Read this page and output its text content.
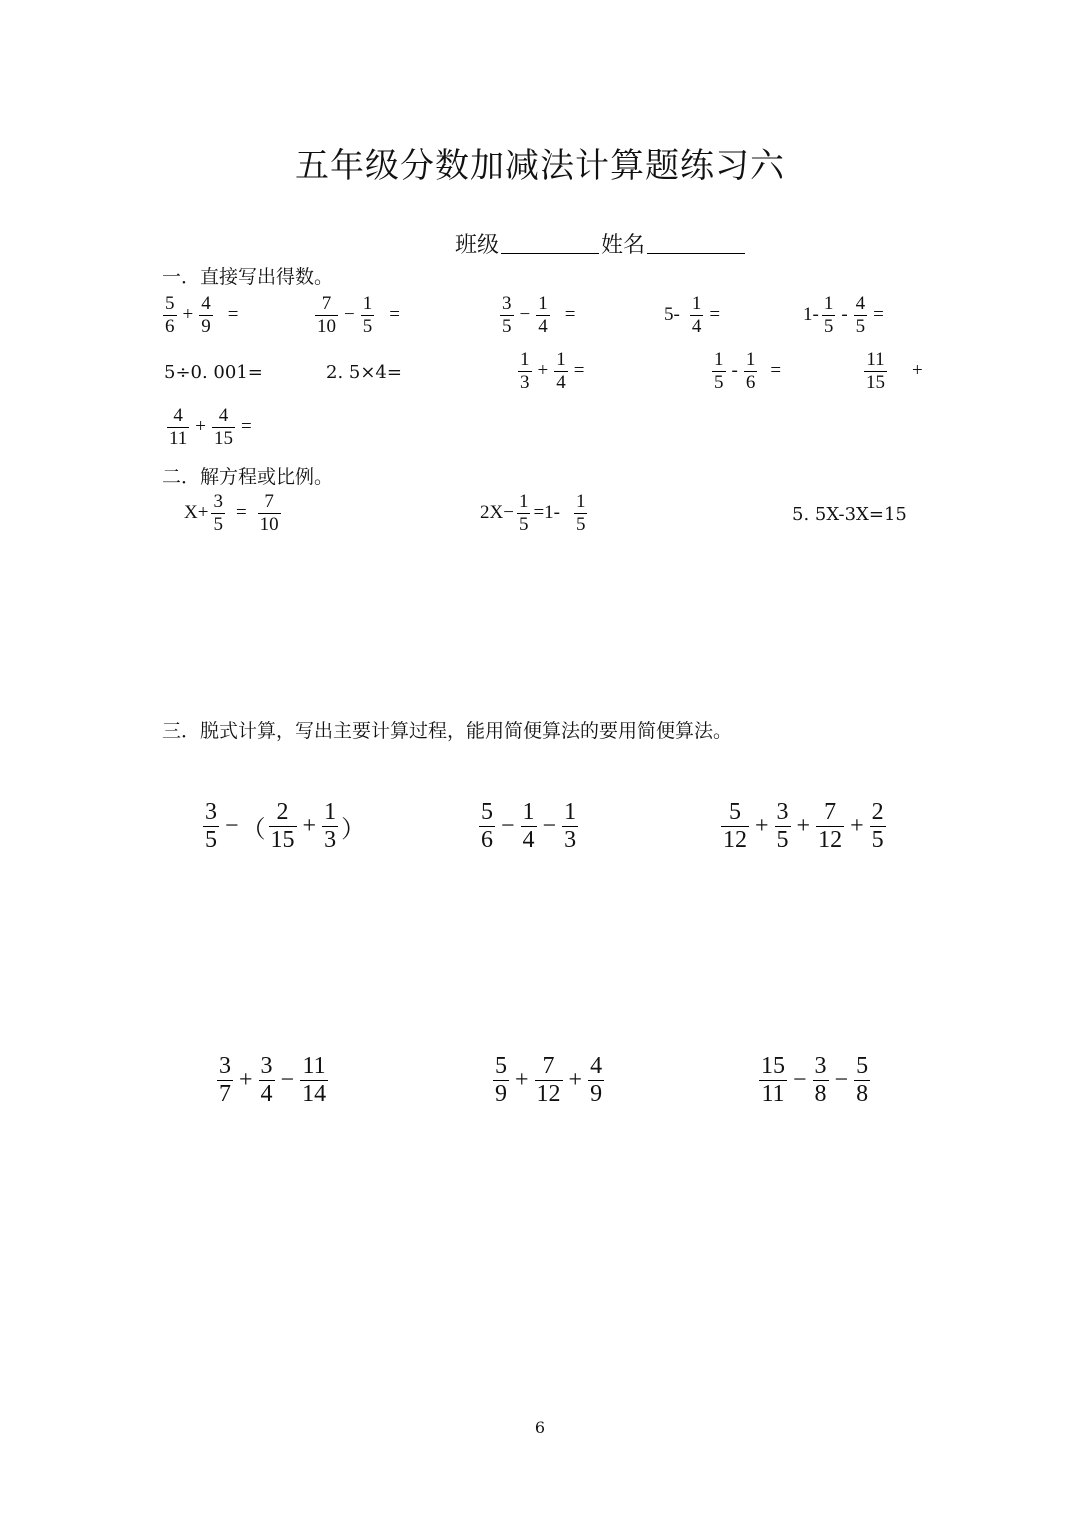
五年级分数加减法计算题练习六
班级	姓名
一．直接写出得数。
$\frac{5}{6} + \frac{4}{9}$ =	$\frac{7}{10} - \frac{1}{5}$ =	$\frac{3}{5} - \frac{1}{4}$ =	$5- \frac{1}{4}$ =	$1- \frac{1}{5} - \frac{4}{5}$ =
5÷0. 001=	2. 5×4=	$\frac{1}{3} + \frac{1}{4}$ =	$\frac{1}{5} - \frac{1}{6}$ =	$\frac{11}{15}$ +
$\frac{4}{11} + \frac{4}{15}$ =
二．解方程或比例。
$X+ \frac{3}{5} = \frac{7}{10}$	$2X- \frac{1}{5} =1- \frac{1}{5}$	5. 5X-3X=15
三．脱式计算，写出主要计算过程，能用简便算法的要用简便算法。
$\frac{3}{5}$ − （ $\frac{2}{15} + \frac{1}{3}$ ）	$\frac{5}{6} - \frac{1}{4} - \frac{1}{3}$	$\frac{5}{12} + \frac{3}{5} + \frac{7}{12} + \frac{2}{5}$
$\frac{3}{7} + \frac{3}{4} - \frac{11}{14}$	$\frac{5}{9} + \frac{7}{12} + \frac{4}{9}$	$\frac{15}{11} - \frac{3}{8} - \frac{5}{8}$
6
